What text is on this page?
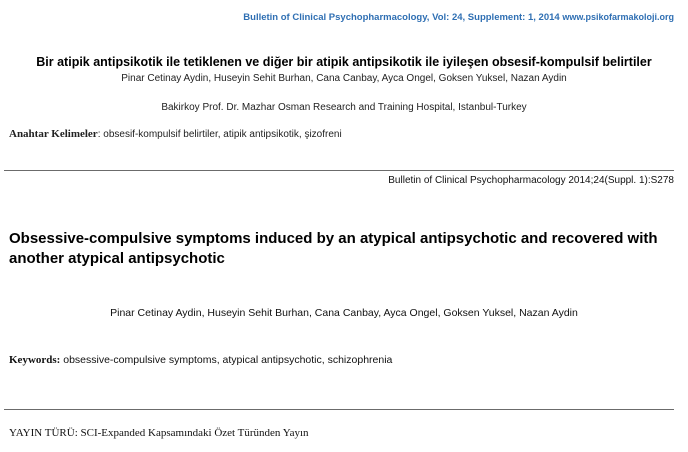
Bulletin of Clinical Psychopharmacology, Vol: 24, Supplement: 1, 2014 www.psikofarmakoloji.org
Bir atipik antipsikotik ile tetiklenen ve diğer bir atipik antipsikotik ile iyileşen obsesif-kompulsif belirtiler
Pinar Cetinay Aydin, Huseyin Sehit Burhan, Cana Canbay, Ayca Ongel, Goksen Yuksel, Nazan Aydin
Bakirkoy Prof. Dr. Mazhar Osman Research and Training Hospital, Istanbul-Turkey
Anahtar Kelimeler: obsesif-kompulsif belirtiler, atipik antipsikotik, şizofreni
Bulletin of Clinical Psychopharmacology 2014;24(Suppl. 1):S278
Obsessive-compulsive symptoms induced by an atypical antipsychotic and recovered with another atypical antipsychotic
Pinar Cetinay Aydin, Huseyin Sehit Burhan, Cana Canbay, Ayca Ongel, Goksen Yuksel, Nazan Aydin
Keywords: obsessive-compulsive symptoms, atypical antipsychotic, schizophrenia
YAYIN TÜRÜ: SCI-Expanded Kapsamındaki Özet Türünden Yayın
